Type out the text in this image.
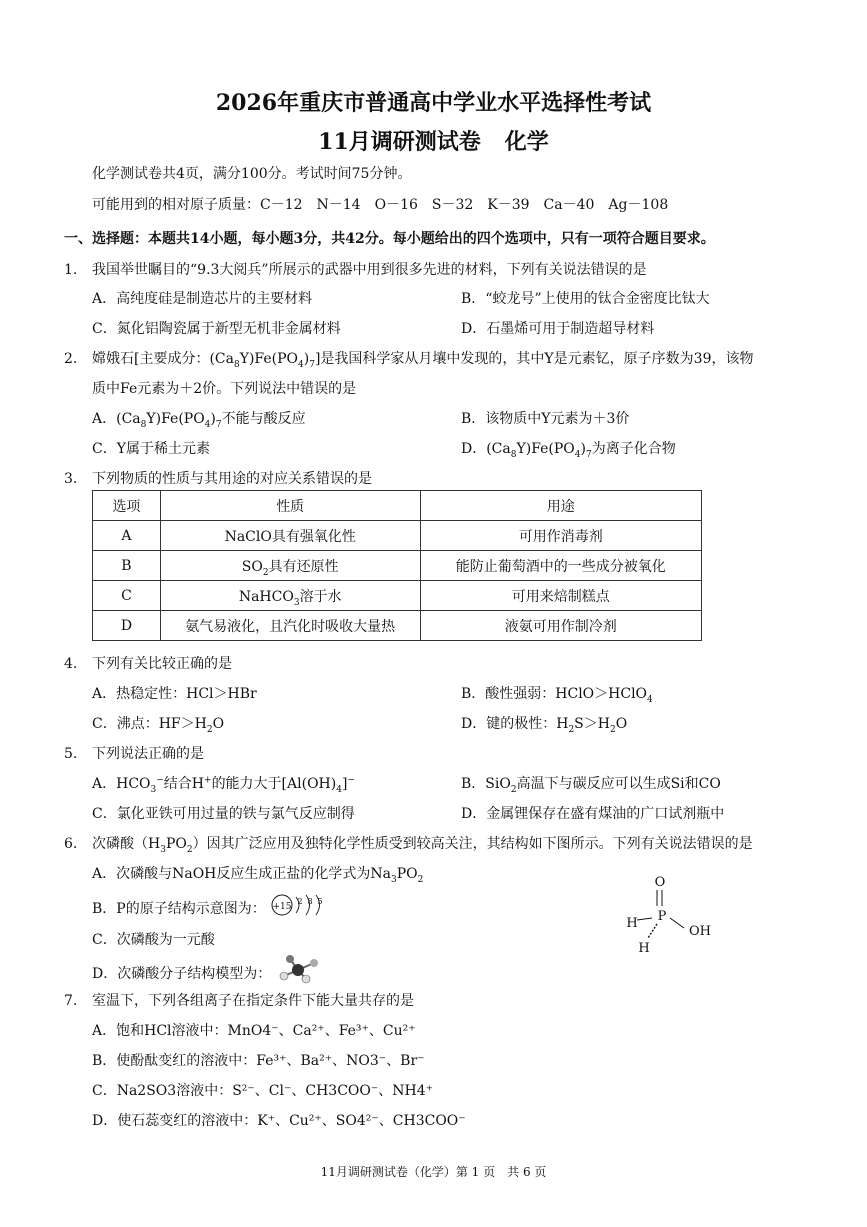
2026年重庆市普通高中学业水平选择性考试
11月调研测试卷 化学
化学测试卷共4页，满分100分。考试时间75分钟。
可能用到的相对原子质量：C－12　N－14　O－16　S－32　K－39　Ca－40　Ag－108
一、选择题：本题共14小题，每小题3分，共42分。每小题给出的四个选项中，只有一项符合题目要求。
1. 我国举世瞩目的“9.3大阅兵”所展示的武器中用到很多先进的材料，下列有关说法错误的是
A．高纯度硅是制造芯片的主要材料	B．“蛟龙号”上使用的钛合金密度比钛大
C．氮化铝陶瓷属于新型无机非金属材料	D．石墨烯可用于制造超导材料
2. 嫦娥石[主要成分：$(Ca_8Y)Fe(PO_4)_7$]是我国科学家从月壤中发现的，其中Y是元素钇，原子序数为39，该物
质中Fe元素为＋2价。下列说法中错误的是
A．$(Ca_8Y)Fe(PO_4)_7$不能与酸反应	B．该物质中Y元素为＋3价
C．Y属于稀土元素	D．$(Ca_8Y)Fe(PO_4)_7$为离子化合物
3. 下列物质的性质与其用途的对应关系错误的是
选项	性质	用途
A	NaClO具有强氧化性	可用作消毒剂
B	$SO_2$具有还原性	能防止葡萄酒中的一些成分被氧化
C	NaHCO$_3$溶于水	可用来焙制糕点
D	氨气易液化，且汽化时吸收大量热	液氨可用作制冷剂
4. 下列有关比较正确的是
A．热稳定性：HCl＞HBr	B．酸性强弱：HClO＞HClO$_4$
C．沸点：$HF>H_2O$	D．键的极性：$H_2S>H_2O$
5. 下列说法正确的是
A．$HCO_3^-$结合H+的能力大于$[Al(OH)_4]^-$	B．SiO$_2$高温下与碳反应可以生成Si和CO
C．氯化亚铁可用过量的铁与氯气反应制得	D．金属锂保存在盛有煤油的广口试剂瓶中
6. 次磷酸$(H_3PO_2)$因其广泛应用及独特化学性质受到较高关注，其结构如下图所示。下列有关说法错误的是
A．次磷酸与NaOH反应生成正盐的化学式为$Na_3PO_2$
B．P的原子结构示意图为： +15
2 8 5
C．次磷酸为一元酸
D．次磷酸分子结构模型为：
O
P
H
H
OH
7. 室温下，下列各组离子在指定条件下能大量共存的是
A．饱和HCl溶液中：MnO4⁻、Ca²⁺、Fe³⁺、Cu²⁺
B．使酚酞变红的溶液中：Fe³⁺、Ba²⁺、NO3⁻、Br⁻
C．Na2SO3溶液中：S²⁻、Cl⁻、CH3COO⁻、NH4⁺
D．使石蕊变红的溶液中：K⁺、Cu²⁺、SO4²⁻、CH3COO⁻
11月调研测试卷（化学）第 1 页　共 6 页
